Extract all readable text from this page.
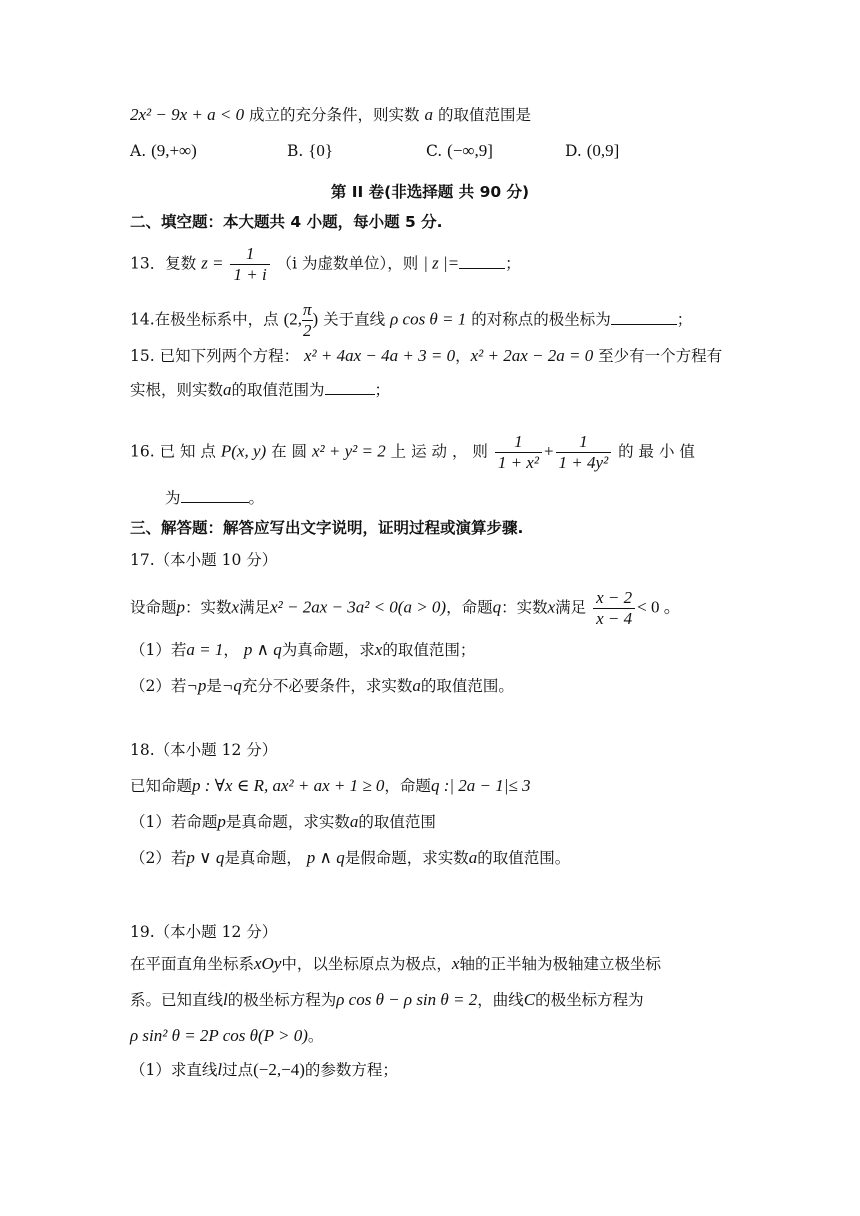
2x² − 9x + a < 0 成立的充分条件，则实数 a 的取值范围是
A. (9,+∞)	B. {0}	C. (−∞,9]	D. (0,9]
第 II 卷(非选择题 共 90 分)
二、填空题：本大题共 4 小题，每小题 5 分.
13．复数 $z = \frac{1}{1 + i} (i$ 为虚数单位），则 | z |=	；
14.在极坐标系中，点 (2, $\frac{\pi}{2}$ ) 关于直线 ρ cos θ = 1 的对称点的极坐标为	；
15. 已知下列两个方程： x² + 4ax − 4a + 3 = 0，x² + 2ax − 2a = 0 至少有一个方程有
实根，则实数a的取值范围为	；
16. 已 知 点 P(x, y) 在 圆 x² + y² = 2 上 运 动 ， 则 $\frac{1}{\text{1 + x²}} + \frac{1}{\text{1 + 4y²}}$ 的 最 小 值
为	。
三、解答题：解答应写出文字说明，证明过程或演算步骤.
17.（本小题 10 分）
设命题p：实数x满足x² − 2ax − 3a² < 0(a > 0)，命题q：实数x满足 $\frac{x - 2}{x - 4} < 0$ 。
（1）若a = 1， p ∧ q为真命题，求x的取值范围；
（2）若¬p是¬q充分不必要条件，求实数a的取值范围。
18.（本小题 12 分）
已知命题p : ∀x ∈ R, ax² + ax + 1 ≥ 0，命题q :| 2a − 1|≤ 3
（1）若命题p是真命题，求实数a的取值范围
（2）若p ∨ q是真命题， p ∧ q是假命题，求实数a的取值范围。
19.（本小题 12 分）
在平面直角坐标系xOy中，以坐标原点为极点，x轴的正半轴为极轴建立极坐标
系。已知直线l的极坐标方程为ρ cos θ − ρ sin θ = 2，曲线C的极坐标方程为
ρ sin² θ = 2P cos θ(P > 0)。
（1）求直线l过点(−2,−4)的参数方程；
